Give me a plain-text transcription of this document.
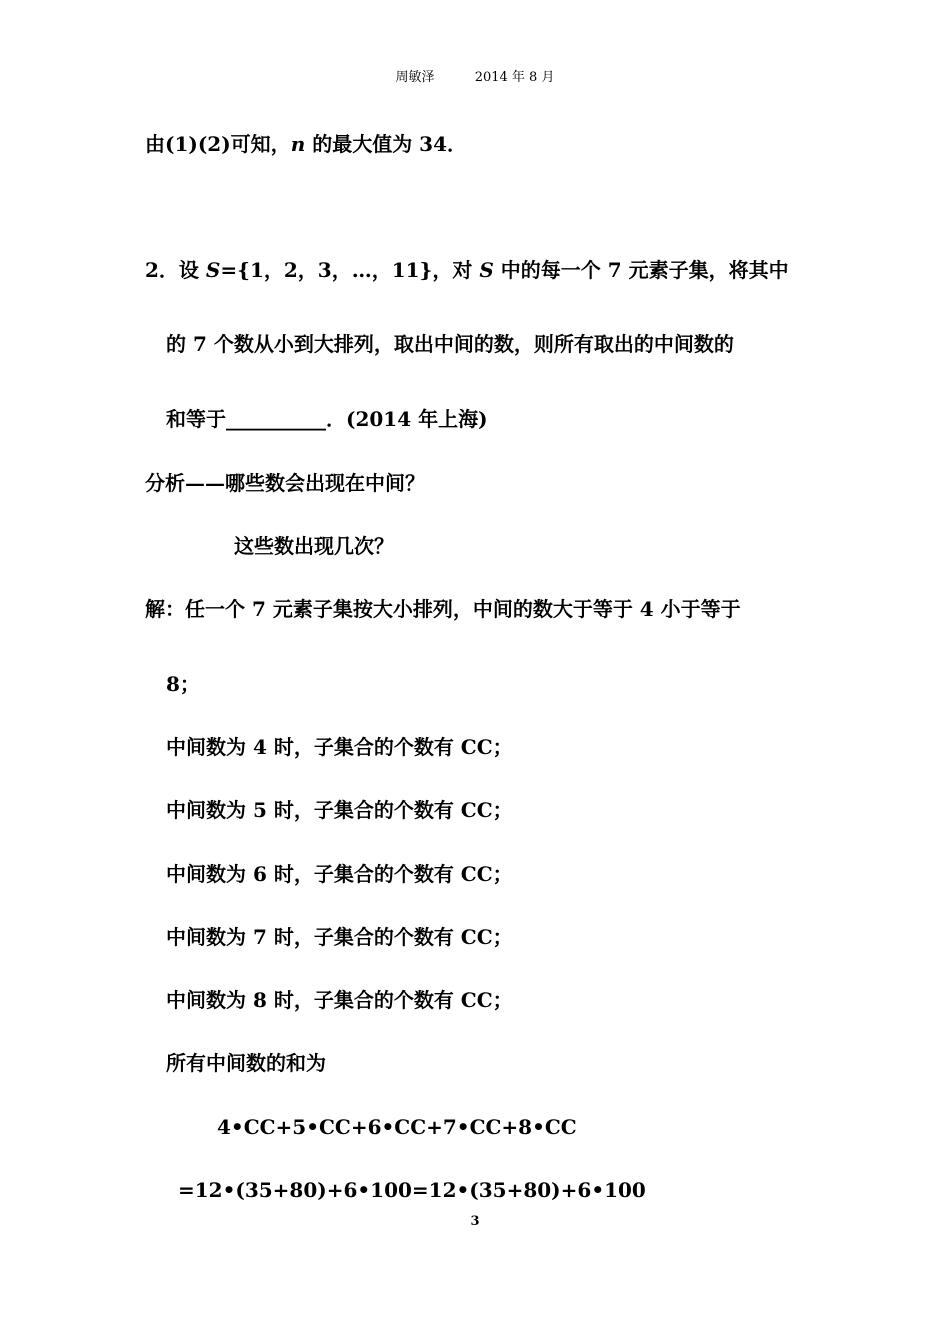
周敏泽	2014 年 8 月
由(1)(2)可知，n 的最大值为 34．
2．设 S={1，2，3，…，11}，对 S 中的每一个 7 元素子集，将其中
的 7 个数从小到大排列，取出中间的数，则所有取出的中间数的
和等于__________．(2014 年上海)
分析——哪些数会出现在中间？
这些数出现几次？
解：任一个 7 元素子集按大小排列，中间的数大于等于 4 小于等于
8；
中间数为 4 时，子集合的个数有 CC；
中间数为 5 时，子集合的个数有 CC；
中间数为 6 时，子集合的个数有 CC；
中间数为 7 时，子集合的个数有 CC；
中间数为 8 时，子集合的个数有 CC；
所有中间数的和为
4•CC+5•CC+6•CC+7•CC+8•CC
=12•(35+80)+6•100=12•(35+80)+6•100
3
